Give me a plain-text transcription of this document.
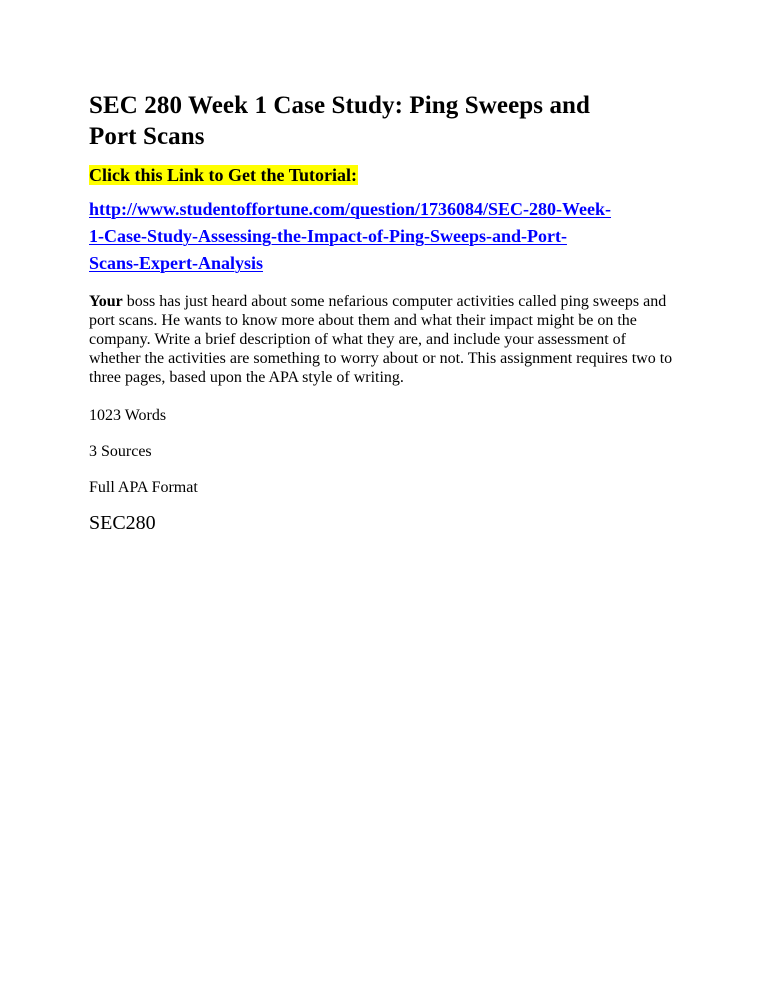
SEC 280 Week 1 Case Study: Ping Sweeps and
Port Scans
Click this Link to Get the Tutorial:
http://www.studentoffortune.com/question/1736084/SEC-280-Week-
1-Case-Study-Assessing-the-Impact-of-Ping-Sweeps-and-Port-
Scans-Expert-Analysis

Your boss has just heard about some nefarious computer activities called ping sweeps and port scans. He wants to know more about them and what their impact might be on the company. Write a brief description of what they are, and include your assessment of whether the activities are something to worry about or not. This assignment requires two to three pages, based upon the APA style of writing.

1023 Words
3 Sources
Full APA Format
SEC280
